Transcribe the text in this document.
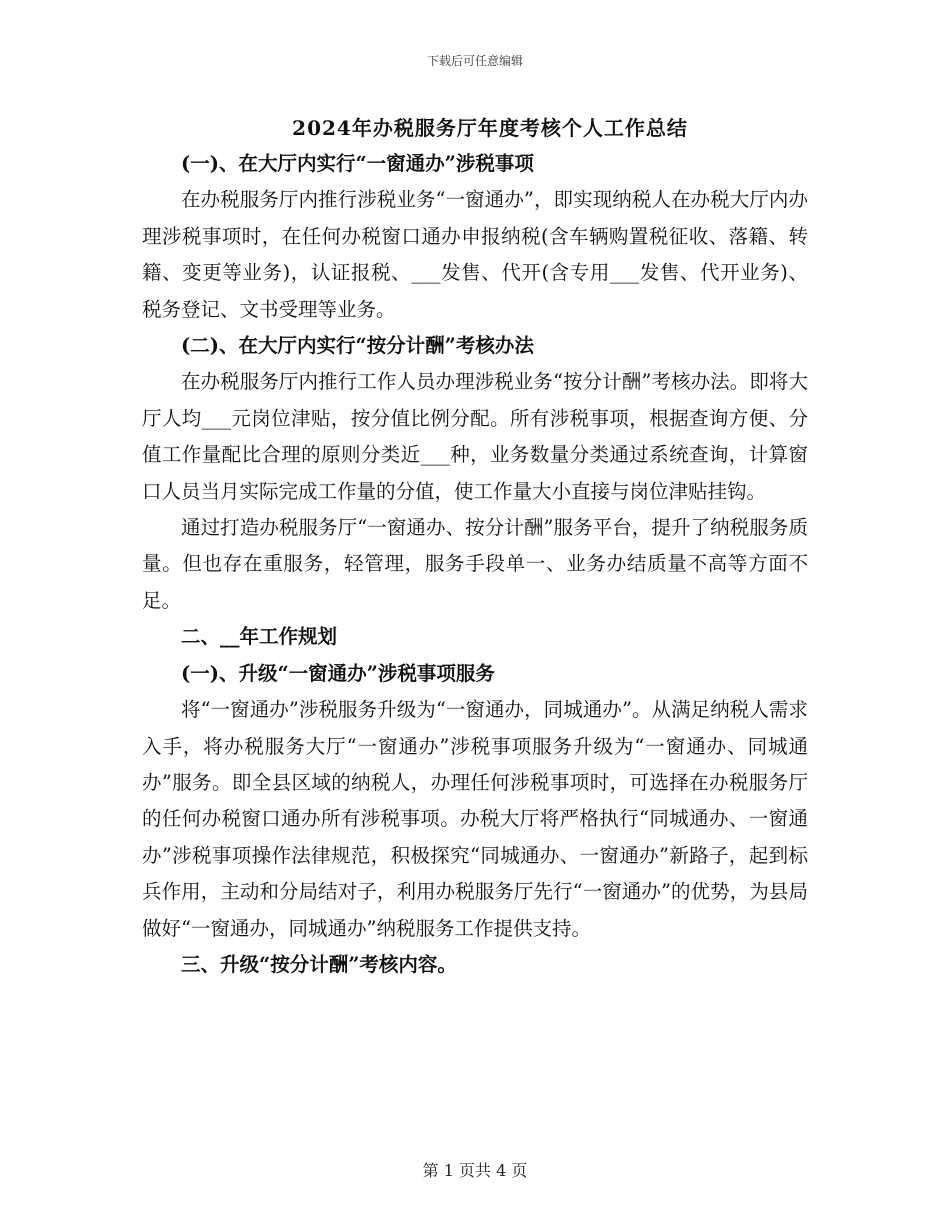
下载后可任意编辑
2024年办税服务厅年度考核个人工作总结

(一)、在大厅内实行“一窗通办”涉税事项

在办税服务厅内推行涉税业务“一窗通办”，即实现纳税人在办税大厅内办理涉税事项时，在任何办税窗口通办申报纳税(含车辆购置税征收、落籍、转籍、变更等业务)，认证报税、___发售、代开(含专用___发售、代开业务)、税务登记、文书受理等业务。

(二)、在大厅内实行“按分计酬”考核办法

在办税服务厅内推行工作人员办理涉税业务“按分计酬”考核办法。即将大厅人均___元岗位津贴，按分值比例分配。所有涉税事项，根据查询方便、分值工作量配比合理的原则分类近___种，业务数量分类通过系统查询，计算窗口人员当月实际完成工作量的分值，使工作量大小直接与岗位津贴挂钩。

通过打造办税服务厅“一窗通办、按分计酬”服务平台，提升了纳税服务质量。但也存在重服务，轻管理，服务手段单一、业务办结质量不高等方面不足。

二、__年工作规划

(一)、升级“一窗通办”涉税事项服务

将“一窗通办”涉税服务升级为“一窗通办，同城通办”。从满足纳税人需求入手，将办税服务大厅“一窗通办”涉税事项服务升级为“一窗通办、同城通办”服务。即全县区域的纳税人，办理任何涉税事项时，可选择在办税服务厅的任何办税窗口通办所有涉税事项。办税大厅将严格执行“同城通办、一窗通办”涉税事项操作法律规范，积极探究“同城通办、一窗通办”新路子，起到标兵作用，主动和分局结对子，利用办税服务厅先行“一窗通办”的优势，为县局做好“一窗通办，同城通办”纳税服务工作提供支持。

三、升级“按分计酬”考核内容。

第 1 页共 4 页
